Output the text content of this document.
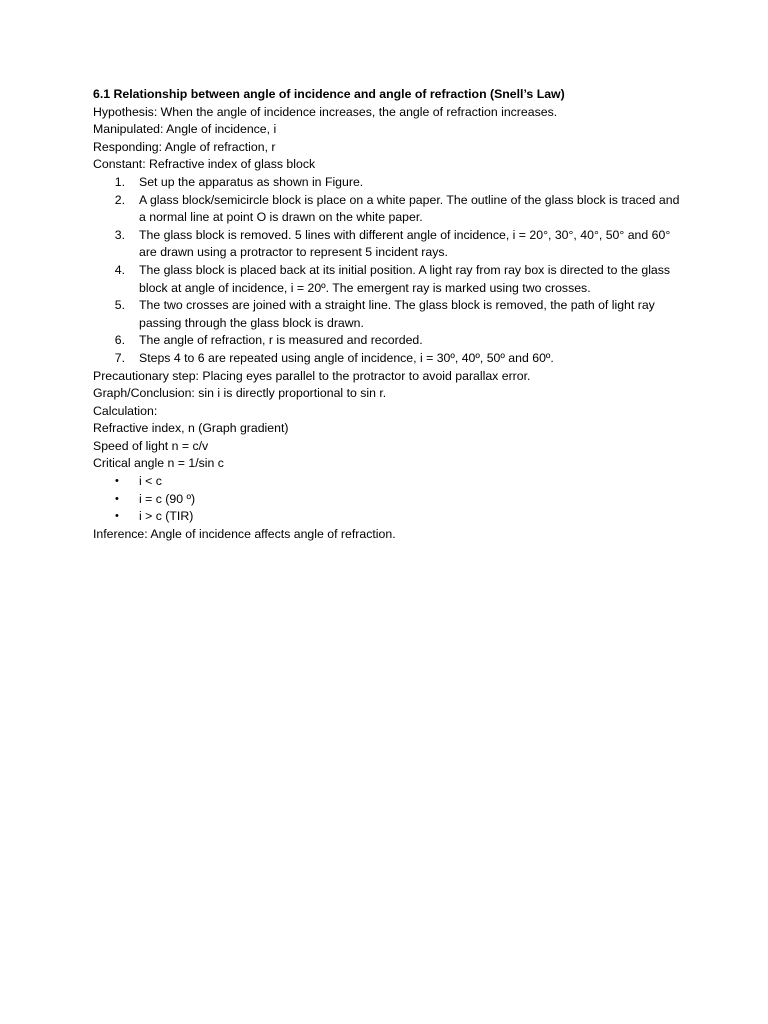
6.1 Relationship between angle of incidence and angle of refraction (Snell’s Law)
Hypothesis: When the angle of incidence increases, the angle of refraction increases.
Manipulated: Angle of incidence, i
Responding: Angle of refraction, r
Constant: Refractive index of glass block
1. Set up the apparatus as shown in Figure.
2. A glass block/semicircle block is place on a white paper. The outline of the glass block is traced and a normal line at point O is drawn on the white paper.
3. The glass block is removed. 5 lines with different angle of incidence, i = 20°, 30°, 40°, 50° and 60° are drawn using a protractor to represent 5 incident rays.
4. The glass block is placed back at its initial position. A light ray from ray box is directed to the glass block at angle of incidence, i = 20º. The emergent ray is marked using two crosses.
5. The two crosses are joined with a straight line. The glass block is removed, the path of light ray passing through the glass block is drawn.
6. The angle of refraction, r is measured and recorded.
7. Steps 4 to 6 are repeated using angle of incidence, i = 30º, 40º, 50º and 60º.
Precautionary step: Placing eyes parallel to the protractor to avoid parallax error.
Graph/Conclusion: sin i is directly proportional to sin r.
Calculation:
Refractive index, n (Graph gradient)
Speed of light n = c/v
Critical angle n = 1/sin c
• i < c
• i = c (90 º)
• i > c (TIR)
Inference: Angle of incidence affects angle of refraction.
